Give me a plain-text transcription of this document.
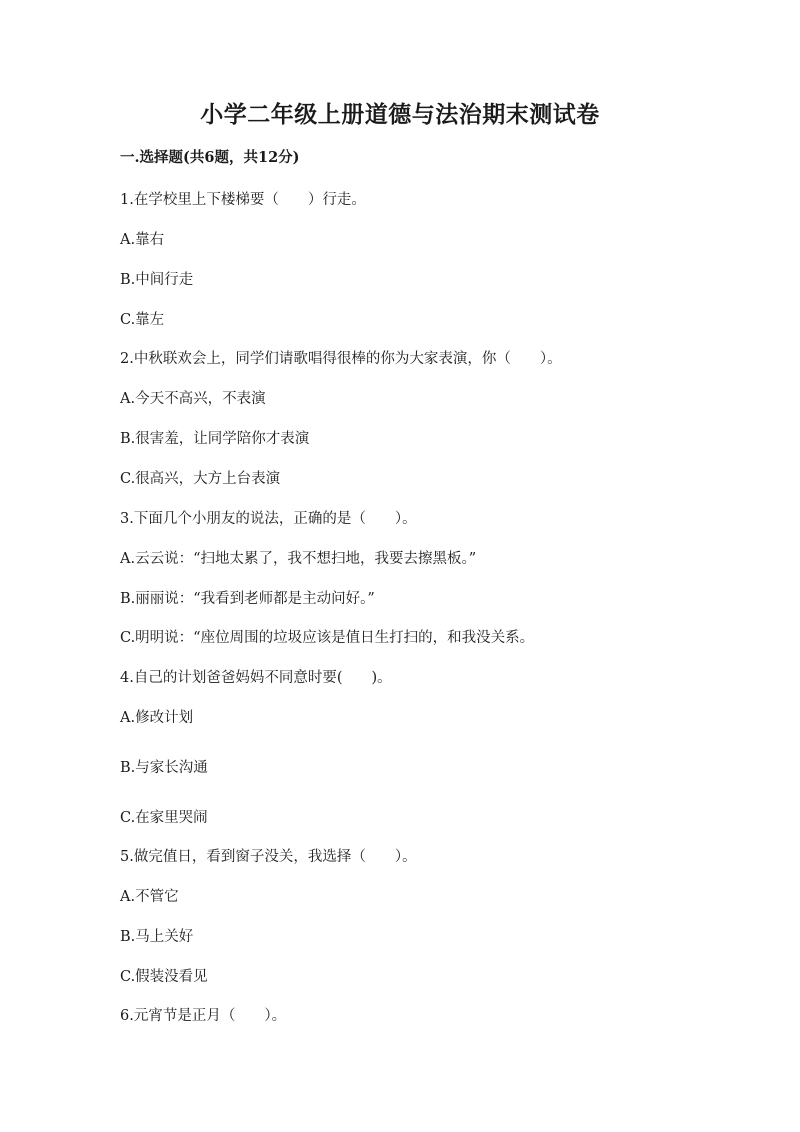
小学二年级上册道德与法治期末测试卷
一.选择题(共6题，共12分)
1.在学校里上下楼梯要（　　）行走。
A.靠右
B.中间行走
C.靠左
2.中秋联欢会上，同学们请歌唱得很棒的你为大家表演，你（　　）。
A.今天不高兴，不表演
B.很害羞，让同学陪你才表演
C.很高兴，大方上台表演
3.下面几个小朋友的说法，正确的是（　　）。
A.云云说：“扫地太累了，我不想扫地，我要去擦黑板。”
B.丽丽说：“我看到老师都是主动问好。”
C.明明说：“座位周围的垃圾应该是值日生打扫的，和我没关系。
4.自己的计划爸爸妈妈不同意时要(　　)。
A.修改计划
B.与家长沟通
C.在家里哭闹
5.做完值日，看到窗子没关，我选择（　　）。
A.不管它
B.马上关好
C.假装没看见
6.元宵节是正月（　　）。
